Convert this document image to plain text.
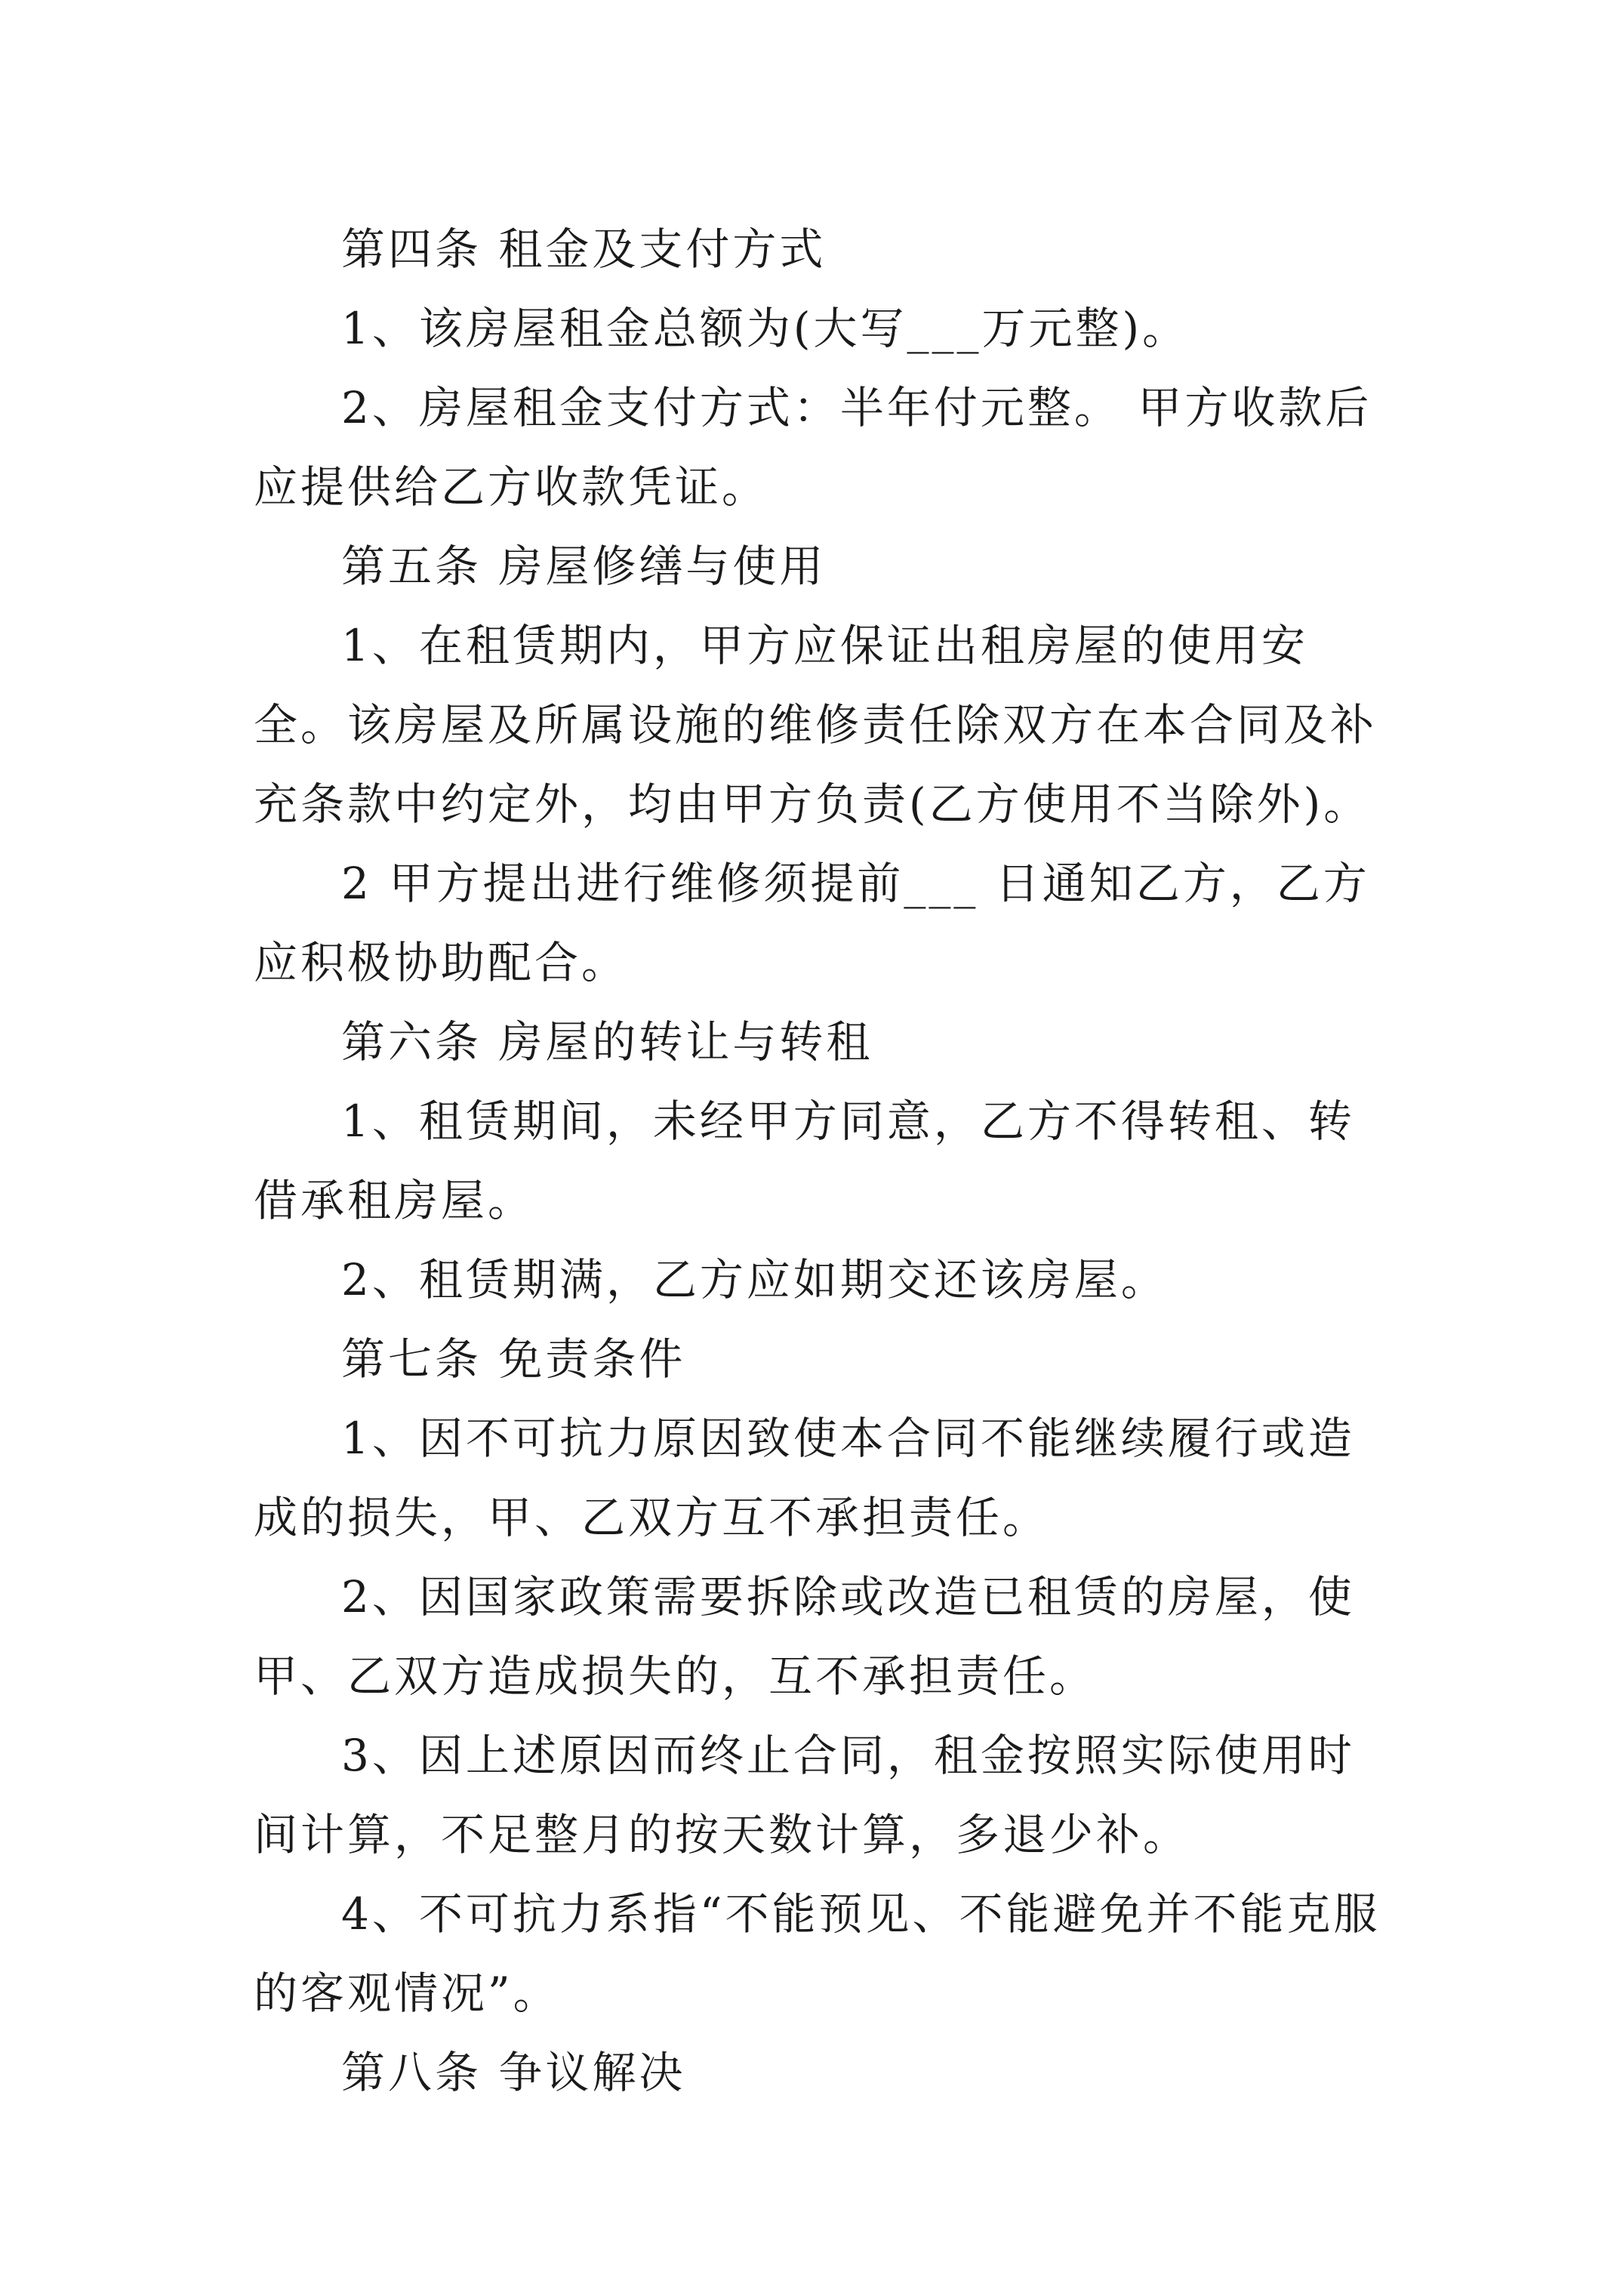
第四条 租金及支付方式

1、该房屋租金总额为(大写___万元整)。

2、房屋租金支付方式：半年付元整。 甲方收款后应提供给乙方收款凭证。

第五条 房屋修缮与使用

1、在租赁期内，甲方应保证出租房屋的使用安全。该房屋及所属设施的维修责任除双方在本合同及补充条款中约定外，均由甲方负责(乙方使用不当除外)。

2 甲方提出进行维修须提前___ 日通知乙方，乙方应积极协助配合。

第六条 房屋的转让与转租

1、租赁期间，未经甲方同意，乙方不得转租、转借承租房屋。

2、租赁期满，乙方应如期交还该房屋。

第七条 免责条件

1、因不可抗力原因致使本合同不能继续履行或造成的损失，甲、乙双方互不承担责任。

2、因国家政策需要拆除或改造已租赁的房屋，使甲、乙双方造成损失的，互不承担责任。

3、因上述原因而终止合同，租金按照实际使用时间计算，不足整月的按天数计算，多退少补。

4、不可抗力系指“不能预见、不能避免并不能克服的客观情况”。

第八条 争议解决
